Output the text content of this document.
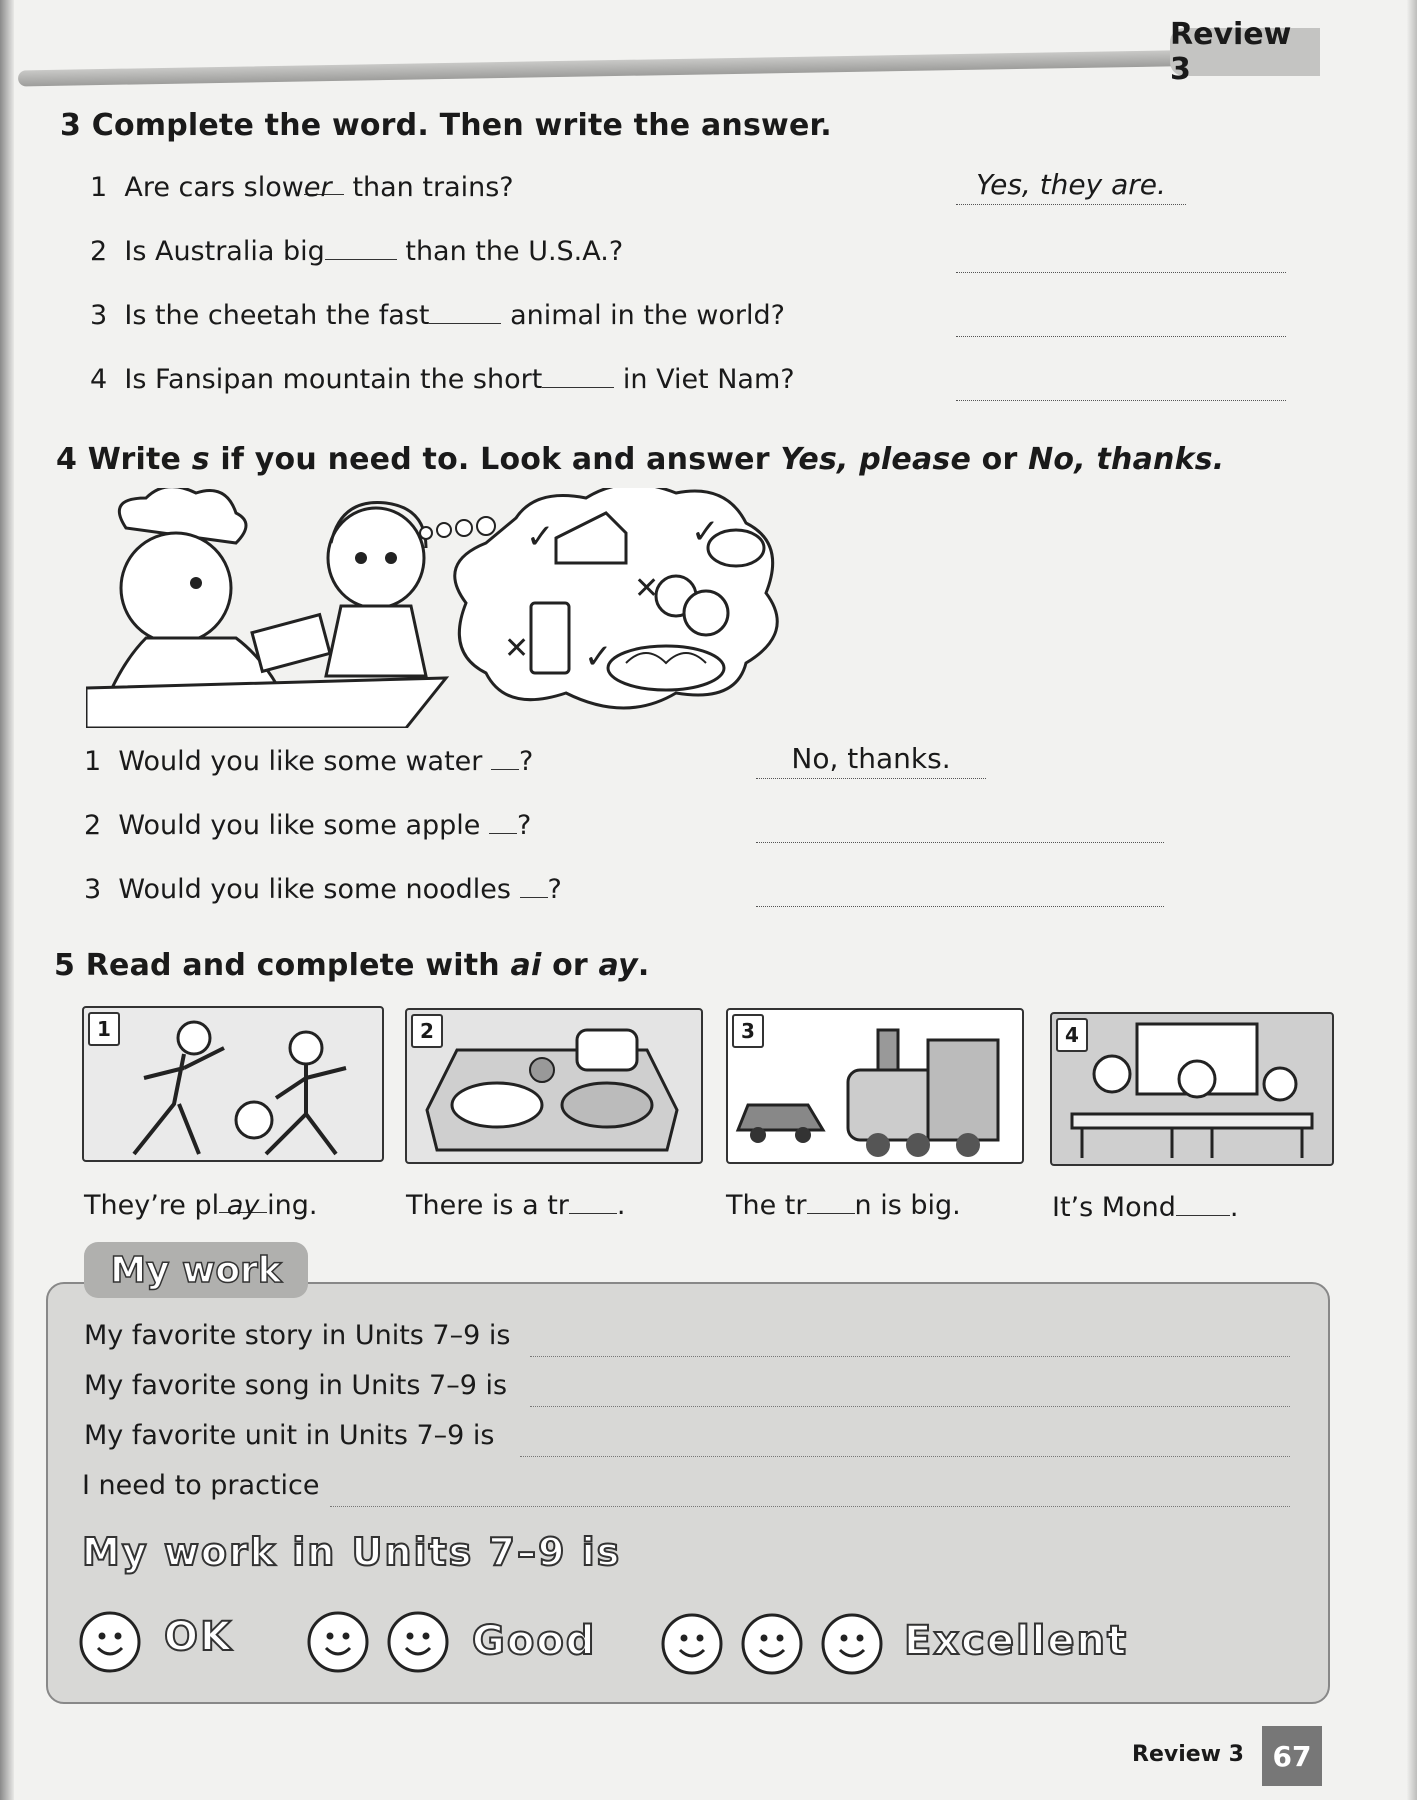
Review 3
3 Complete the word. Then write the answer.
1 Are cars slower than trains?	Yes, they are.
2 Is Australia big	than the U.S.A.?
3 Is the cheetah the fast	animal in the world?
4 Is Fansipan mountain the short	in Viet Nam?
4 Write s if you need to. Look and answer Yes, please or No, thanks.
✓	✓
✕
✕ ✓
1 Would you like some water ?	No, thanks.
2 Would you like some apple ?
3 Would you like some noodles ?
5 Read and complete with ai or ay.
1	2	3	4
They’re pl ay ing.	There is a tr .	The tr n is big.	It’s Mond .
My work
My favorite story in Units 7–9 is
My favorite song in Units 7–9 is
My favorite unit in Units 7–9 is
I need to practice
My work in Units 7–9 is
OK	Good	Excellent
Review 3	67
